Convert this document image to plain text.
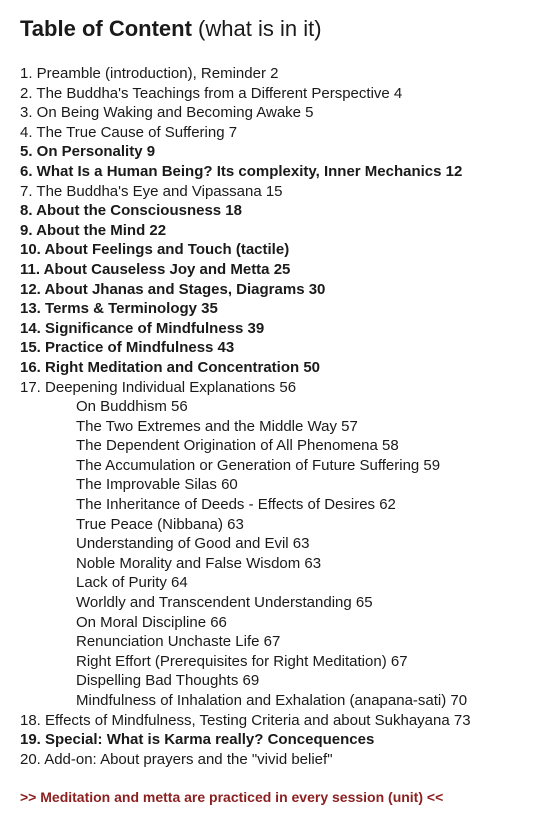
Table of Content (what is in it)
1. Preamble (introduction), Reminder 2
2. The Buddha's Teachings from a Different Perspective 4
3. On Being Waking and Becoming Awake 5
4. The True Cause of Suffering 7
5. On Personality 9
6. What Is a Human Being? Its complexity, Inner Mechanics 12
7. The Buddha's Eye and Vipassana 15
8. About the Consciousness 18
9. About the Mind 22
10. About Feelings and Touch (tactile)
11. About Causeless Joy and Metta 25
12. About Jhanas and Stages, Diagrams 30
13. Terms & Terminology 35
14. Significance of Mindfulness 39
15. Practice of Mindfulness 43
16. Right Meditation and Concentration 50
17. Deepening Individual Explanations 56
On Buddhism 56
The Two Extremes and the Middle Way 57
The Dependent Origination of All Phenomena 58
The Accumulation or Generation of Future Suffering 59
The Improvable Silas 60
The Inheritance of Deeds - Effects of Desires 62
True Peace (Nibbana) 63
Understanding of Good and Evil 63
Noble Morality and False Wisdom 63
Lack of Purity 64
Worldly and Transcendent Understanding 65
On Moral Discipline 66
Renunciation Unchaste Life 67
Right Effort (Prerequisites for Right Meditation) 67
Dispelling Bad Thoughts 69
Mindfulness of Inhalation and Exhalation (anapana-sati) 70
18. Effects of Mindfulness, Testing Criteria and about Sukhayana 73
19. Special: What is Karma really? Concequences
20. Add-on: About prayers and the "vivid belief"
>> Meditation and metta are practiced in every session (unit) <<
